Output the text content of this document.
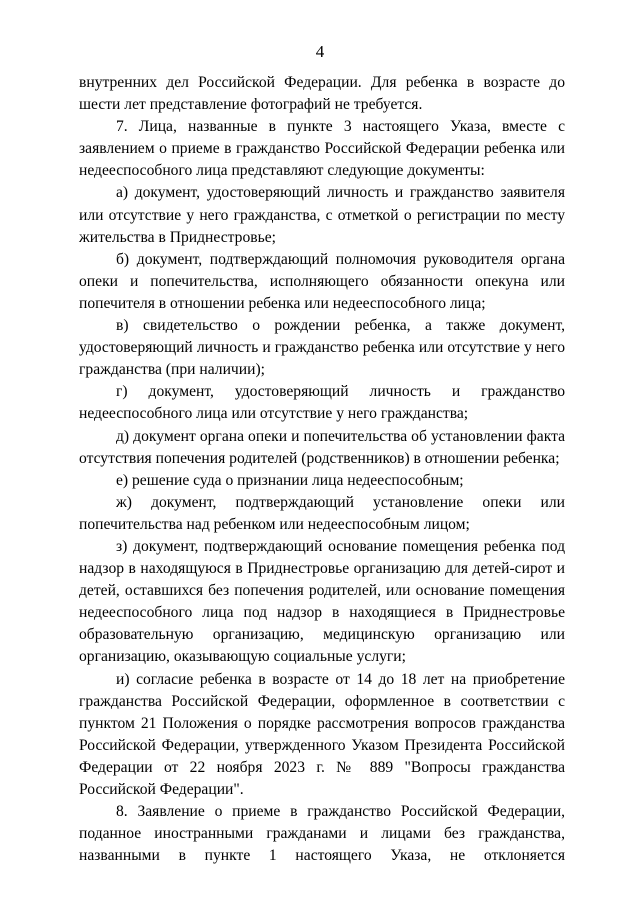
4

внутренних дел Российской Федерации. Для ребенка в возрасте до шести лет представление фотографий не требуется.

7. Лица, названные в пункте 3 настоящего Указа, вместе с заявлением о приеме в гражданство Российской Федерации ребенка или недееспособного лица представляют следующие документы:

а) документ, удостоверяющий личность и гражданство заявителя или отсутствие у него гражданства, с отметкой о регистрации по месту жительства в Приднестровье;

б) документ, подтверждающий полномочия руководителя органа опеки и попечительства, исполняющего обязанности опекуна или попечителя в отношении ребенка или недееспособного лица;

в) свидетельство о рождении ребенка, а также документ, удостоверяющий личность и гражданство ребенка или отсутствие у него гражданства (при наличии);

г) документ, удостоверяющий личность и гражданство недееспособного лица или отсутствие у него гражданства;

д) документ органа опеки и попечительства об установлении факта отсутствия попечения родителей (родственников) в отношении ребенка;

е) решение суда о признании лица недееспособным;

ж) документ, подтверждающий установление опеки или попечительства над ребенком или недееспособным лицом;

з) документ, подтверждающий основание помещения ребенка под надзор в находящуюся в Приднестровье организацию для детей-сирот и детей, оставшихся без попечения родителей, или основание помещения недееспособного лица под надзор в находящиеся в Приднестровье образовательную организацию, медицинскую организацию или организацию, оказывающую социальные услуги;

и) согласие ребенка в возрасте от 14 до 18 лет на приобретение гражданства Российской Федерации, оформленное в соответствии с пунктом 21 Положения о порядке рассмотрения вопросов гражданства Российской Федерации, утвержденного Указом Президента Российской Федерации от 22 ноября 2023 г. № 889 "Вопросы гражданства Российской Федерации".

8. Заявление о приеме в гражданство Российской Федерации, поданное иностранными гражданами и лицами без гражданства, названными в пункте 1 настоящего Указа, не отклоняется
